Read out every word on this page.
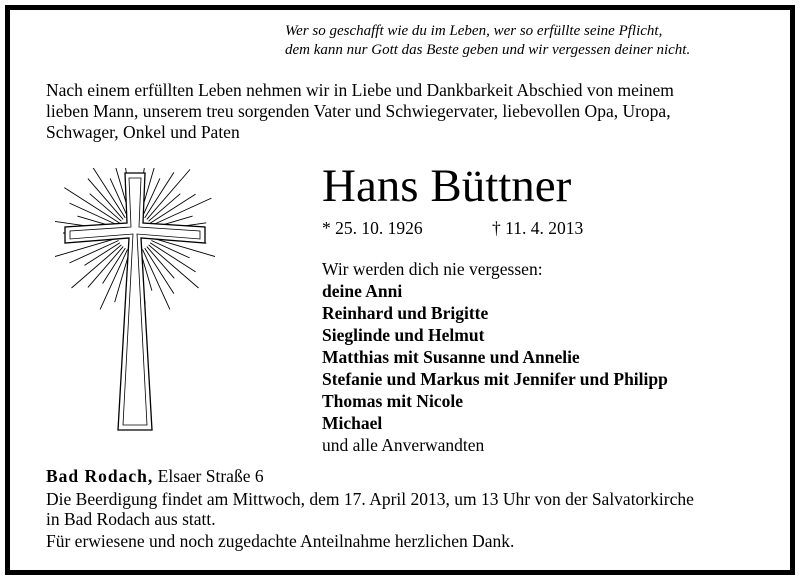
Wer so geschafft wie du im Leben, wer so erfüllte seine Pflicht,
dem kann nur Gott das Beste geben und wir vergessen deiner nicht.
Nach einem erfüllten Leben nehmen wir in Liebe und Dankbarkeit Abschied von meinem
lieben Mann, unserem treu sorgenden Vater und Schwiegervater, liebevollen Opa, Uropa,
Schwager, Onkel und Paten
Hans Büttner
* 25. 10. 1926	† 11. 4. 2013
Wir werden dich nie vergessen:
deine Anni
Reinhard und Brigitte
Sieglinde und Helmut
Matthias mit Susanne und Annelie
Stefanie und Markus mit Jennifer und Philipp
Thomas mit Nicole
Michael
und alle Anverwandten
Bad Rodach, Elsaer Straße 6
Die Beerdigung findet am Mittwoch, dem 17. April 2013, um 13 Uhr von der Salvatorkirche
in Bad Rodach aus statt.
Für erwiesene und noch zugedachte Anteilnahme herzlichen Dank.
